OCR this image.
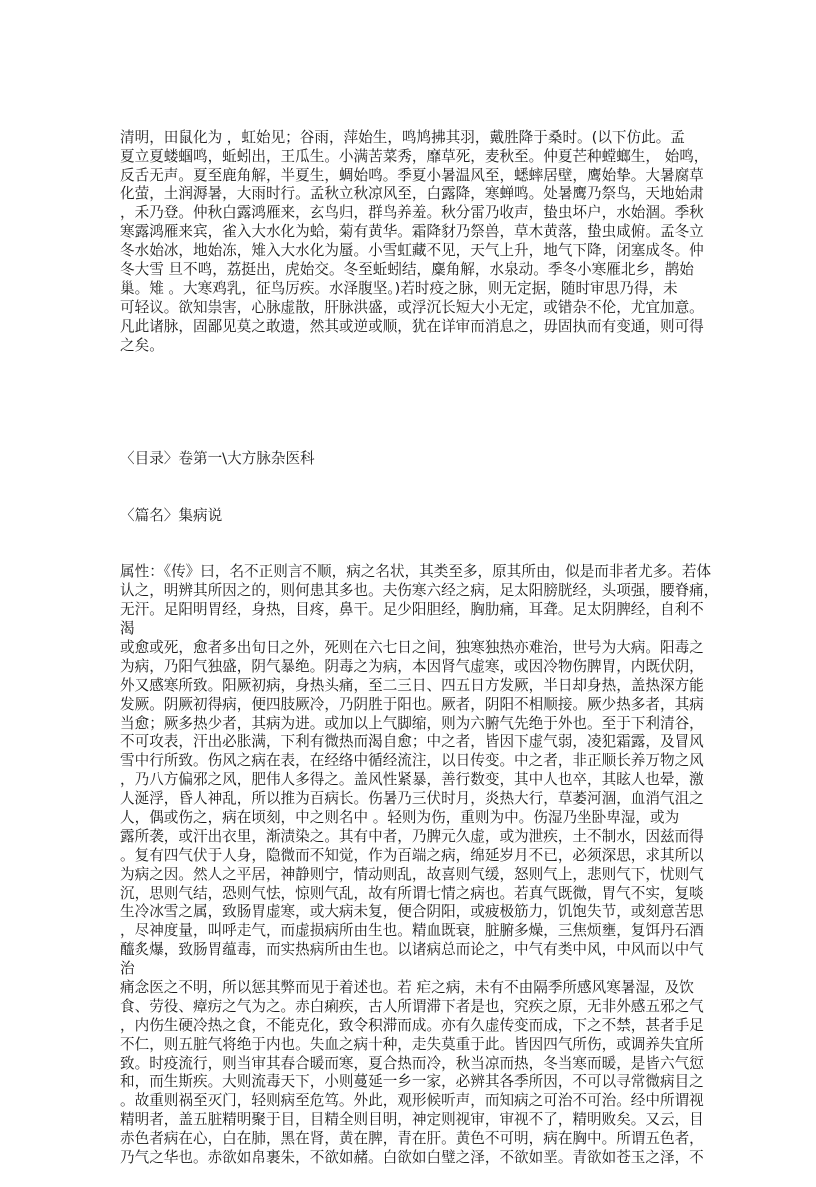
清明，田鼠化为 ，虹始见；谷雨，萍始生，鸣鸠拂其羽，戴胜降于桑时。(以下仿此。孟
夏立夏蝼蝈鸣，蚯蚓出，王瓜生。小满苦菜秀，靡草死，麦秋至。仲夏芒种螳螂生， 始鸣，
反舌无声。夏至鹿角解，半夏生，蜩始鸣。季夏小暑温风至，蟋蟀居壁，鹰始挚。大暑腐草
化萤，土润溽暑，大雨时行。孟秋立秋凉风至，白露降，寒蝉鸣。处暑鹰乃祭鸟，天地始肃
，禾乃登。仲秋白露鸿雁来，玄鸟归，群鸟养羞。秋分雷乃收声，蛰虫坏户，水始涸。季秋
寒露鸿雁来宾，雀入大水化为蛤，菊有黄华。霜降豺乃祭兽，草木黄落，蛰虫咸俯。孟冬立
冬水始冰，地始冻，雉入大水化为蜃。小雪虹藏不见，天气上升，地气下降，闭塞成冬。仲
冬大雪 旦不鸣，荔挺出，虎始交。冬至蚯蚓结，麋角解，水泉动。季冬小寒雁北乡，鹊始
巢。雉 。大寒鸡乳，征鸟厉疾。水泽腹坚。)若时疫之脉，则无定据，随时审思乃得，未
可轻议。欲知祟害，心脉虚散，肝脉洪盛，或浮沉长短大小无定，或错杂不伦，尤宜加意。
凡此诸脉，固鄙见莫之敢遗，然其或逆或顺，犹在详审而消息之，毋固执而有变通，则可得
之矣。

〈目录〉卷第一\大方脉杂医科

〈篇名〉集病说

属性：《传》曰，名不正则言不顺，病之名状，其类至多，原其所由，似是而非者尤多。若体
认之，明辨其所因之的，则何患其多也。夫伤寒六经之病，足太阳膀胱经，头项强，腰脊痛，
无汗。足阳明胃经，身热，目疼，鼻干。足少阳胆经，胸肋痛，耳聋。足太阴脾经，自利不
渴
或愈或死，愈者多出旬日之外，死则在六七日之间，独寒独热亦难治，世号为大病。阳毒之
为病，乃阳气独盛，阴气暴绝。阴毒之为病，本因肾气虚寒，或因冷物伤脾胃，内既伏阴，
外又感寒所致。阳厥初病，身热头痛，至二三日、四五日方发厥，半日却身热，盖热深方能
发厥。阴厥初得病，便四肢厥冷，乃阴胜于阳也。厥者，阴阳不相顺接。厥少热多者，其病
当愈；厥多热少者，其病为进。或加以上气脚缩，则为六腑气先绝于外也。至于下利清谷，
不可攻表，汗出必胀满，下利有微热而渴自愈；中之者，皆因下虚气弱，凌犯霜露，及冒风
雪中行所致。伤风之病在表，在经络中循经流注，以日传变。中之者，非正顺长养万物之风
，乃八方偏邪之风，肥伟人多得之。盖风性紧暴，善行数变，其中人也卒，其眩人也晕，激
人涎浮，昏人神乱，所以推为百病长。伤暑乃三伏时月，炎热大行，草萎河涸，血消气沮之
人，偶或伤之，病在顷刻，中之则名中 。轻则为伤，重则为中。伤湿乃坐卧卑湿，或为
露所袭，或汗出衣里，渐渍染之。其有中者，乃脾元久虚，或为泄疾，土不制水，因兹而得
。复有四气伏于人身，隐微而不知觉，作为百端之病，绵延岁月不已，必须深思，求其所以
为病之因。然人之平居，神静则宁，情动则乱，故喜则气缓，怒则气上，悲则气下，忧则气
沉，思则气结，恐则气怯，惊则气乱，故有所谓七情之病也。若真气既微，胃气不实，复啖
生冷冰雪之属，致肠胃虚寒，或大病未复，便合阴阳，或疲极筋力，饥饱失节，或刻意苦思
，尽神度量，叫呼走气，而虚损病所由生也。精血既衰，脏腑多燥，三焦烦壅，复饵丹石酒
醯炙爆，致肠胃蕴毒，而实热病所由生也。以诸病总而论之，中气有类中风，中风而以中气
治
痛念医之不明，所以惩其弊而见于着述也。若 疟之病，未有不由隔季所感风寒暑湿，及饮
食、劳役、瘴疠之气为之。赤白痢疾，古人所谓滞下者是也，究疾之原，无非外感五邪之气
，内伤生硬冷热之食，不能克化，致令积滞而成。亦有久虚传变而成，下之不禁，甚者手足
不仁，则五脏气将绝于内也。失血之病十种，走失莫重于此。皆因四气所伤，或调养失宜所
致。时疫流行，则当审其春合暖而寒，夏合热而冷，秋当凉而热，冬当寒而暖，是皆六气愆
和，而生斯疾。大则流毒天下，小则蔓延一乡一家，必辨其各季所因，不可以寻常微病目之
。故重则祸至灭门，轻则病至危笃。外此，观形候听声，而知病之可治不可治。经中所谓视
精明者，盖五脏精明聚于目，目精全则目明，神定则视审，审视不了，精明败矣。又云，目
赤色者病在心，白在肺，黑在肾，黄在脾，青在肝。黄色不可明，病在胸中。所谓五色者，
乃气之华也。赤欲如帛裹朱，不欲如赭。白欲如白璧之泽，不欲如垩。青欲如苍玉之泽，不
